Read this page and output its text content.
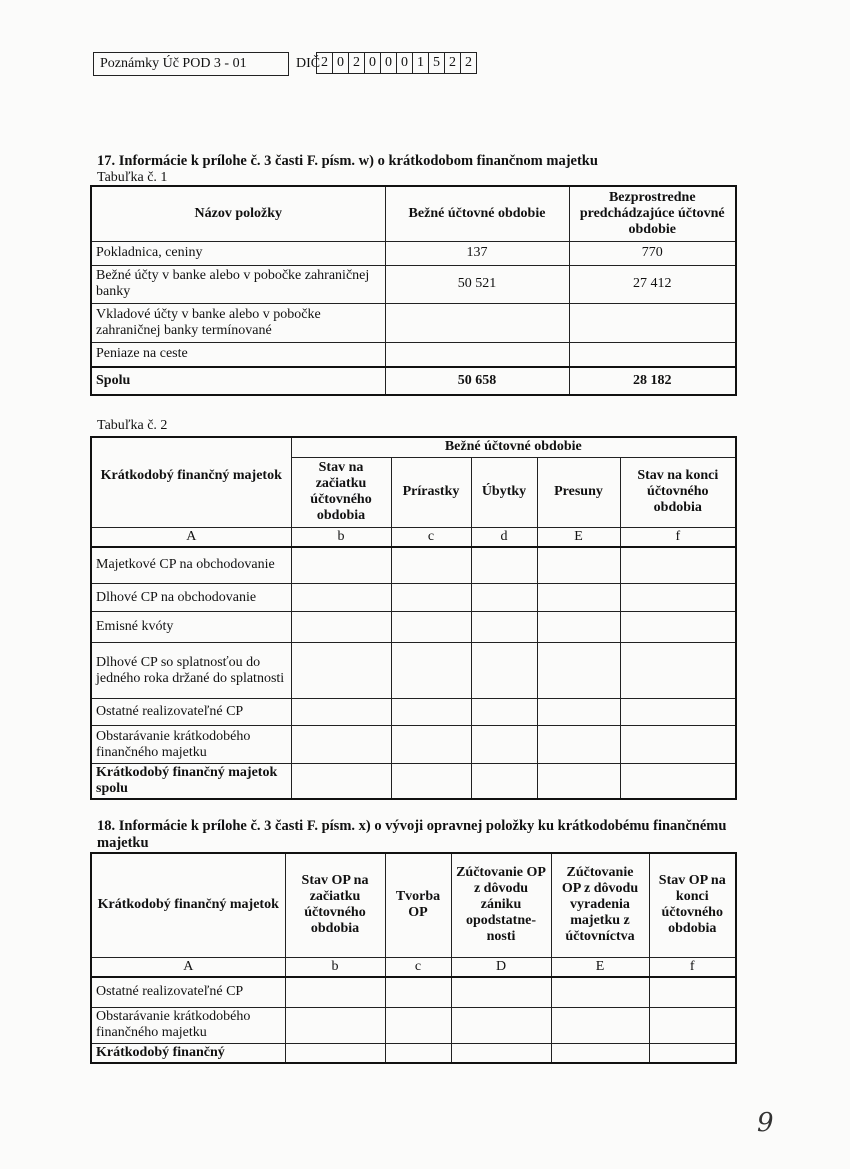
Poznámky Úč POD 3 - 01	DIČ 2 0 2 0 0 0 1 5 2 2
17. Informácie k prílohe č. 3 časti F. písm. w) o krátkodobom finančnom majetku
Tabuľka č. 1
Názov položky	Bežné účtovné obdobie	Bezprostredne predchádzajúce účtovné obdobie
Pokladnica, ceniny	137	770
Bežné účty v banke alebo v pobočke zahraničnej banky	50 521	27 412
Vkladové účty v banke alebo v pobočke zahraničnej banky termínované		
Peniaze na ceste		
Spolu	50 658	28 182
Tabuľka č. 2
Krátkodobý finančný majetok	Bežné účtovné obdobie				
	Stav na začiatku účtovného obdobia	Prírastky	Úbytky	Presuny	Stav na konci účtovného obdobia
A	b	c	d	E	f
Majetkové CP na obchodovanie					
Dlhové CP na obchodovanie					
Emisné kvóty					
Dlhové CP so splatnosťou do jedného roka držané do splatnosti					
Ostatné realizovateľné CP					
Obstarávanie krátkodobého finančného majetku					
Krátkodobý finančný majetok spolu					
18. Informácie k prílohe č. 3 časti F. písm. x) o vývoji opravnej položky ku krátkodobému finančnému majetku
Krátkodobý finančný majetok	Stav OP na začiatku účtovného obdobia	Tvorba OP	Zúčtovanie OP z dôvodu zániku opodstatne-nosti	Zúčtovanie OP z dôvodu vyradenia majetku z účtovníctva	Stav OP na konci účtovného obdobia
A	b	c	D	E	f
Ostatné realizovateľné CP					
Obstarávanie krátkodobého finančného majetku					
Krátkodobý finančný					
9
